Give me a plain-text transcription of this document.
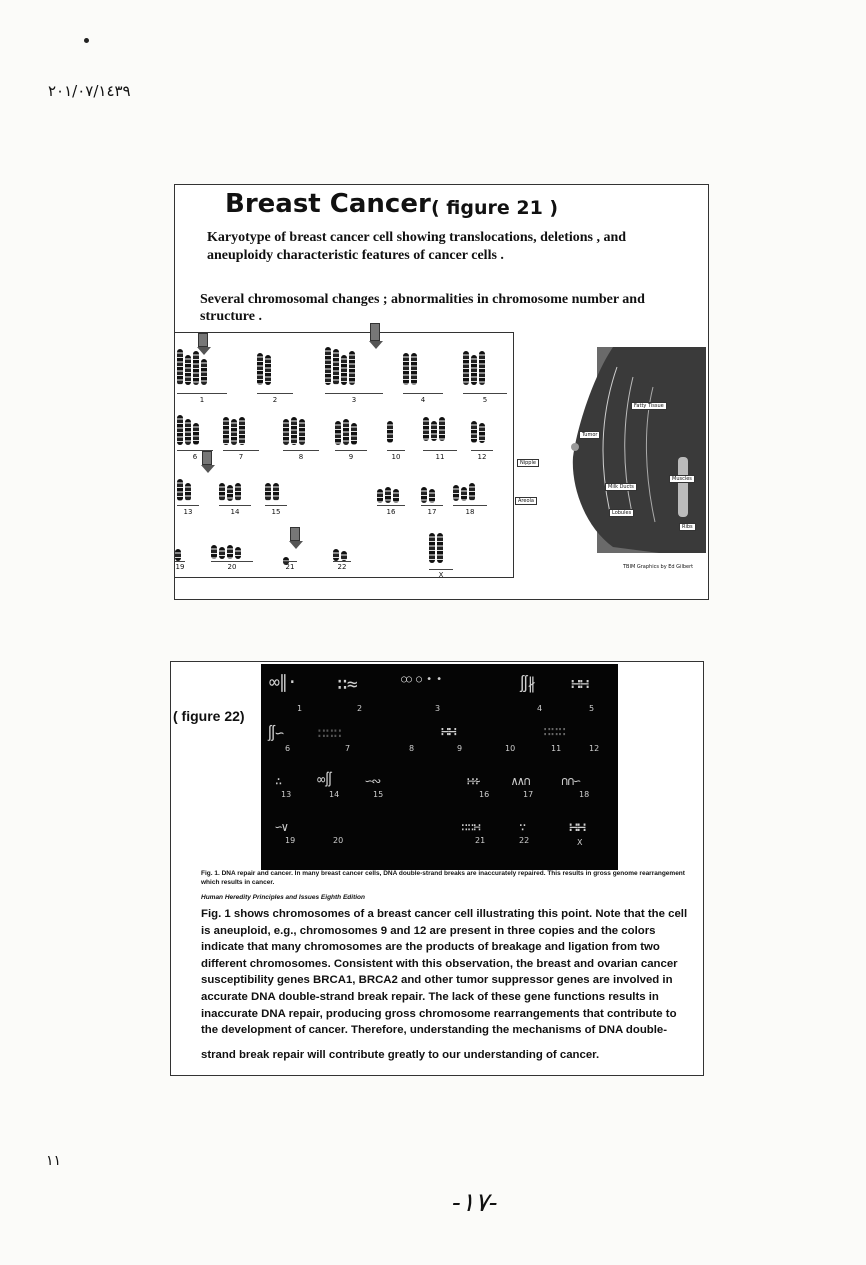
٢٠١/٠٧/١٤٣٩
Breast Cancer ( figure 21 )
Karyotype of breast cancer cell showing translocations, deletions , and aneuploidy characteristic features of cancer cells .
Several chromosomal changes ; abnormalities in chromosome number and structure .
1	2	3	4	5
6	7	8	9	10	11	12
13	14	15	16	17	18
19	20	21	22
X
Fatty Tissue
Tumor
Nipple
Areola
Milk Ducts
Lobules
Muscles
Ribs
TBIM Graphics by Ed Gilbert
( figure 22)
∞∥· ∷≈	○○ ○ • •	∬∦ ∺∺
∬∽ ∷∷∷	∺∺	∷∷∷
∴	∞∬	∽∾	∺∻	∧∧∩	∩∩∽
∽∨	∷∷∺	∵	∺∺
1	2	3	4	5
6	7	8	9	10	11	12
13	14	15	16	17	18
19	20	21	22	X
Fig. 1. DNA repair and cancer. In many breast cancer cells, DNA double-strand breaks are inaccurately repaired. This results in gross genome rearrangement which results in cancer.
Human Heredity Principles and Issues Eighth Edition
Fig. 1 shows chromosomes of a breast cancer cell illustrating this point. Note that the cell is aneuploid, e.g., chromosomes 9 and 12 are present in three copies and the colors indicate that many chromosomes are the products of breakage and ligation from two different chromosomes. Consistent with this observation, the breast and ovarian cancer susceptibility genes BRCA1, BRCA2 and other tumor suppressor genes are involved in accurate DNA double-strand break repair. The lack of these gene functions results in inaccurate DNA repair, producing gross chromosome rearrangements that contribute to the development of cancer. Therefore, understanding the mechanisms of DNA double-
strand break repair will contribute greatly to our understanding of cancer.
١١
-١٧-
